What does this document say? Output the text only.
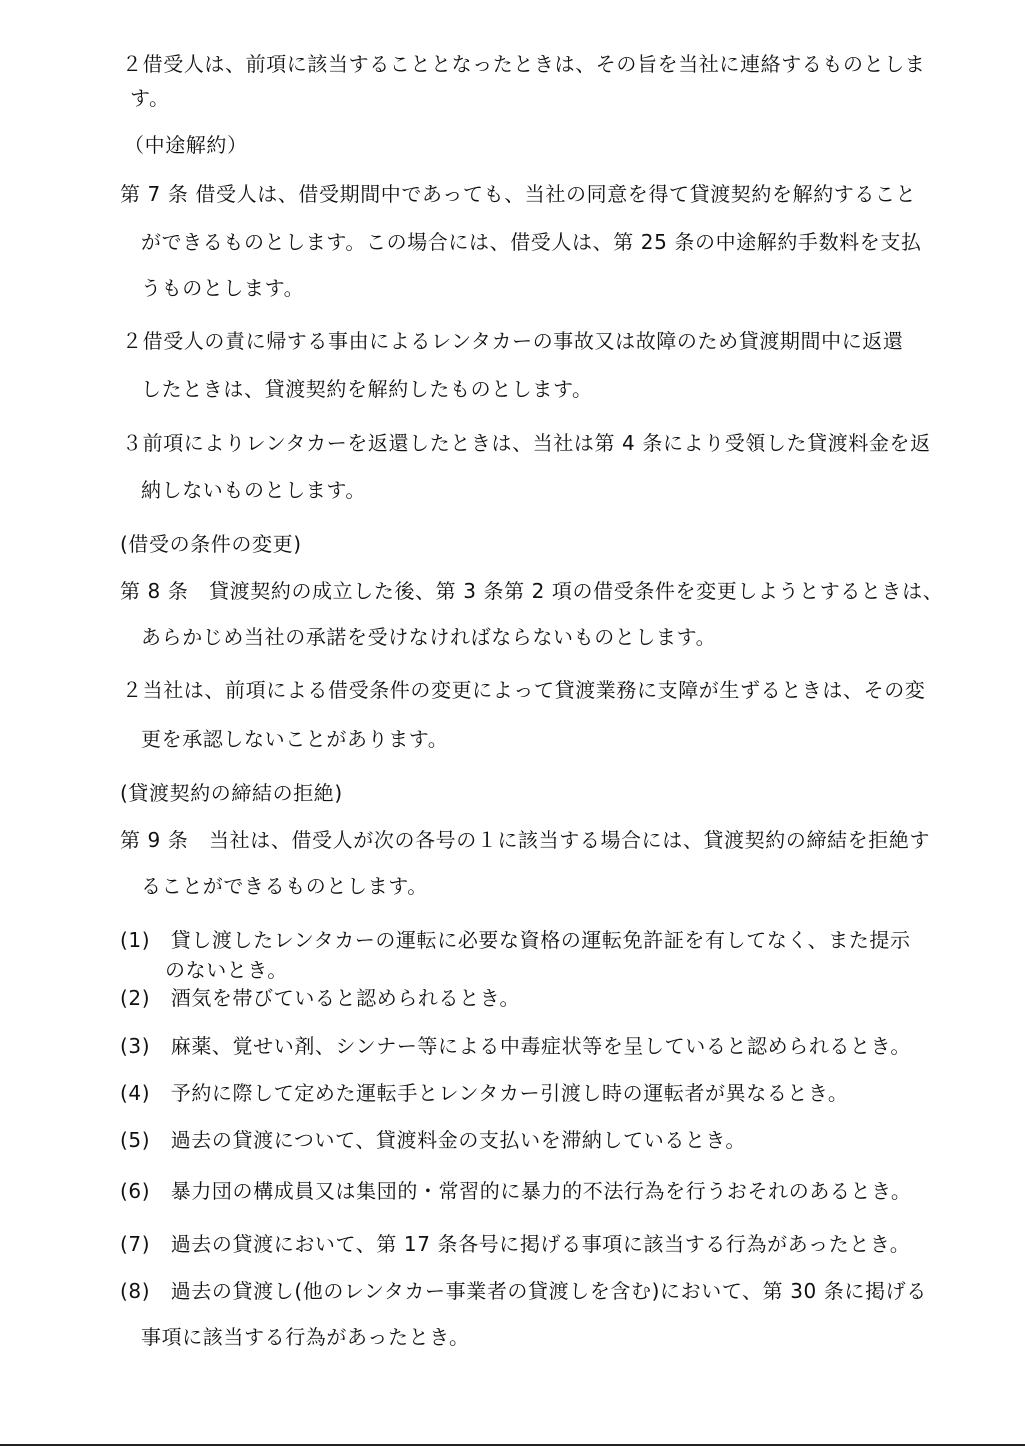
２借受人は、前項に該当することとなったときは、その旨を当社に連絡するものとしま
す。
（中途解約）
第 7 条 借受人は、借受期間中であっても、当社の同意を得て貸渡契約を解約すること
ができるものとします。この場合には、借受人は、第 25 条の中途解約手数料を支払
うものとします。
２借受人の責に帰する事由によるレンタカーの事故又は故障のため貸渡期間中に返還
したときは、貸渡契約を解約したものとします。
３前項によりレンタカーを返還したときは、当社は第 4 条により受領した貸渡料金を返
納しないものとします。
(借受の条件の変更)
第 8 条　貸渡契約の成立した後、第 3 条第 2 項の借受条件を変更しようとするときは、
あらかじめ当社の承諾を受けなければならないものとします。
２当社は、前項による借受条件の変更によって貸渡業務に支障が生ずるときは、その変
更を承認しないことがあります。
(貸渡契約の締結の拒絶)
第 9 条　当社は、借受人が次の各号の１に該当する場合には、貸渡契約の締結を拒絶す
ることができるものとします。
(1)　貸し渡したレンタカーの運転に必要な資格の運転免許証を有してなく、また提示
のないとき。
(2)　酒気を帯びていると認められるとき。
(3)　麻薬、覚せい剤、シンナー等による中毒症状等を呈していると認められるとき。
(4)　予約に際して定めた運転手とレンタカー引渡し時の運転者が異なるとき。
(5)　過去の貸渡について、貸渡料金の支払いを滞納しているとき。
(6)　暴力団の構成員又は集団的・常習的に暴力的不法行為を行うおそれのあるとき。
(7)　過去の貸渡において、第 17 条各号に掲げる事項に該当する行為があったとき。
(8)　過去の貸渡し(他のレンタカー事業者の貸渡しを含む)において、第 30 条に掲げる
事項に該当する行為があったとき。
